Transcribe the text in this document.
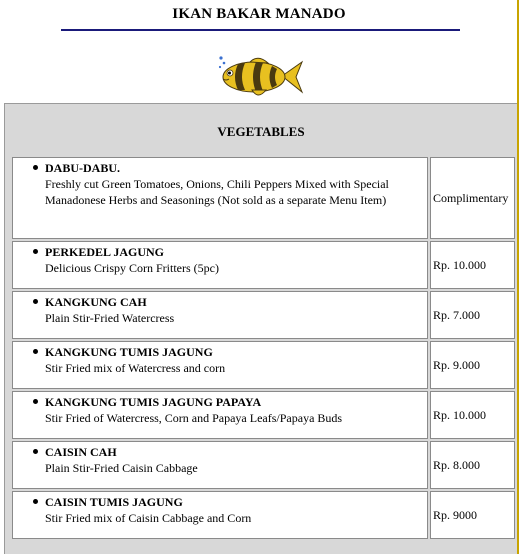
IKAN BAKAR MANADO
VEGETABLES
DABU-DABU.
Freshly cut Green Tomatoes, Onions, Chili Peppers Mixed with Special Manadonese Herbs and Seasonings (Not sold as a separate Menu Item)	Complimentary
PERKEDEL JAGUNG
Delicious Crispy Corn Fritters (5pc)	Rp. 10.000
KANGKUNG CAH
Plain Stir-Fried Watercress	Rp. 7.000
KANGKUNG TUMIS JAGUNG
Stir Fried mix of Watercress and corn	Rp. 9.000
KANGKUNG TUMIS JAGUNG PAPAYA
Stir Fried of Watercress, Corn and Papaya Leafs/Papaya Buds	Rp. 10.000
CAISIN CAH
Plain Stir-Fried Caisin Cabbage	Rp. 8.000
CAISIN TUMIS JAGUNG
Stir Fried mix of Caisin Cabbage and Corn	Rp. 9000
